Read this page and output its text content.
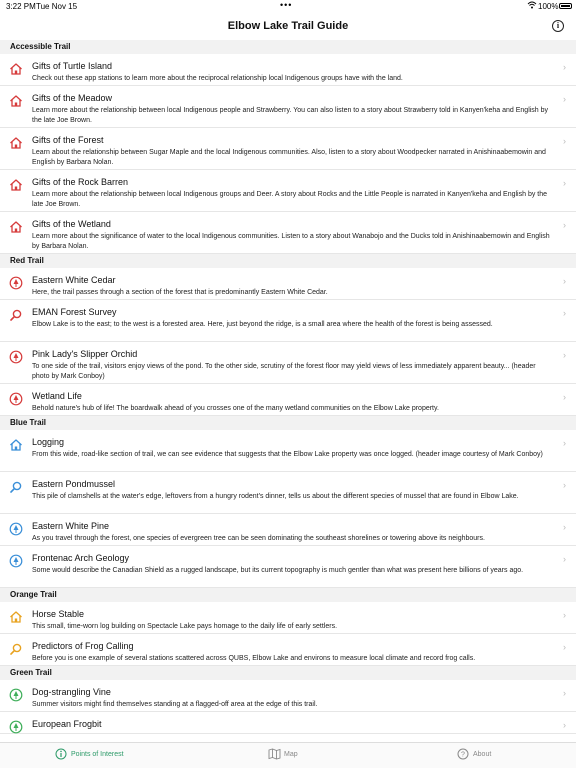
3:22 PM Tue Nov 15	•••	100%
Elbow Lake Trail Guide	i
Accessible Trail
Gifts of Turtle Island
Check out these app stations to learn more about the reciprocal relationship local Indigenous groups have with the land.
›
Gifts of the Meadow
Learn more about the relationship between local Indigenous people and Strawberry. You can also listen to a story about Strawberry told in Kanyen'keha and English by the late Joe Brown.
›
Gifts of the Forest
Learn about the relationship between Sugar Maple and the local Indigenous communities. Also, listen to a story about Woodpecker narrated in Anishinaabemowin and English by Barbara Nolan.
›
Gifts of the Rock Barren
Learn more about the relationship between local Indigenous groups and Deer. A story about Rocks and the Little People is narrated in Kanyen'keha and English by the late Joe Brown.
›
Gifts of the Wetland
Learn more about the significance of water to the local Indigenous communities. Listen to a story about Wanabojo and the Ducks told in Anishinaabemowin and English by Barbara Nolan.
›
Red Trail
Eastern White Cedar
Here, the trail passes through a section of the forest that is predominantly Eastern White Cedar.
›
EMAN Forest Survey
Elbow Lake is to the east; to the west is a forested area. Here, just beyond the ridge, is a small area where the health of the forest is being assessed.
›
Pink Lady's Slipper Orchid
To one side of the trail, visitors enjoy views of the pond. To the other side, scrutiny of the forest floor may yield views of less immediately apparent beauty... (header photo by Mark Conboy)
›
Wetland Life
Behold nature's hub of life! The boardwalk ahead of you crosses one of the many wetland communities on the Elbow Lake property.
›
Blue Trail
Logging
From this wide, road-like section of trail, we can see evidence that suggests that the Elbow Lake property was once logged. (header image courtesy of Mark Conboy)
›
Eastern Pondmussel
This pile of clamshells at the water's edge, leftovers from a hungry rodent's dinner, tells us about the different species of mussel that are found in Elbow Lake.
›
Eastern White Pine
As you travel through the forest, one species of evergreen tree can be seen dominating the southeast shorelines or towering above its neighbours.
›
Frontenac Arch Geology
Some would describe the Canadian Shield as a rugged landscape, but its current topography is much gentler than what was present here billions of years ago.
›
Orange Trail
Horse Stable
This small, time-worn log building on Spectacle Lake pays homage to the daily life of early settlers.
›
Predictors of Frog Calling
Before you is one example of several stations scattered across QUBS, Elbow Lake and environs to measure local climate and record frog calls.
›
Green Trail
Dog-strangling Vine
Summer visitors might find themselves standing at a flagged-off area at the edge of this trail.
›
European Frogbit	›
Points of Interest	Map	? About
